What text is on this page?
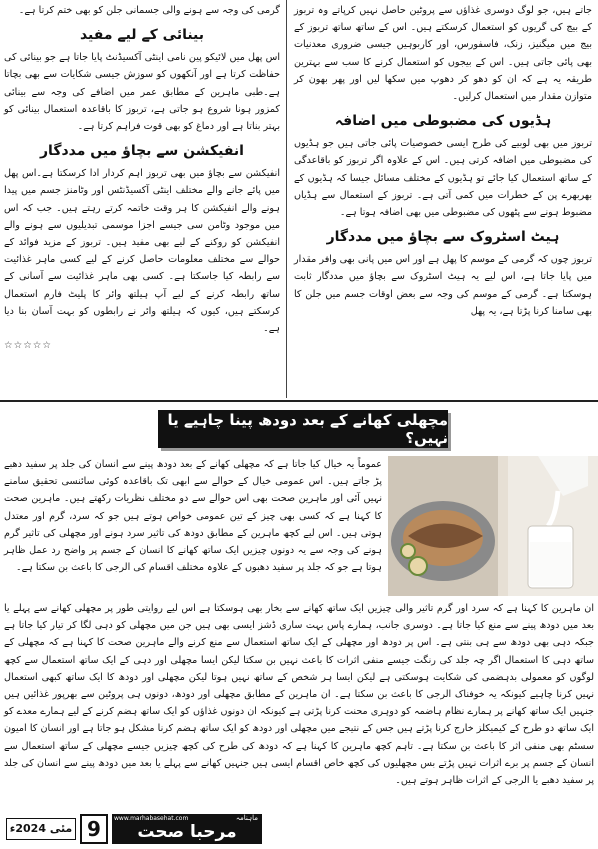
جاتے ہیں، جو لوگ دوسری غذاؤں سے پروٹین حاصل نہیں کرپاتے وہ تربوز کے بیج کی گریوں کو استعمال کرسکتے ہیں۔ اس کے ساتھ ساتھ تربوز کے بیج میں میگنیز، زنک، فاسفورس، اور کاربوہیں جیسی ضروری معدنیات بھی پائی جاتی ہیں۔ اس کے بیجوں کو استعمال کرنے کا سب سے بہترین طریقہ یہ ہے کہ ان کو دھو کر دھوپ میں سکھا لیں اور پھر بھون کر متوازن مقدار میں استعمال کرلیں۔

ہڈیوں کی مضبوطی میں اضافہ

تربوز میں بھی لوبیے کی طرح ایسی خصوصیات پائی جاتی ہیں جو ہڈیوں کی مضبوطی میں اضافہ کرتی ہیں۔ اس کے علاوہ اگر تربوز کو باقاعدگی کے ساتھ استعمال کیا جائے تو ہڈیوں کے مختلف مسائل جیسا کہ ہڈیوں کے بھربھرے پن کے خطرات میں کمی آتی ہے۔ تربوز کے استعمال سے ہڈیاں مضبوط ہونے سے پٹھوں کی مضبوطی میں بھی اضافہ ہوتا ہے۔

ہیٹ اسٹروک سے بچاؤ میں مددگار

تربوز چوں کہ گرمی کے موسم کا پھل ہے اور اس میں پانی بھی وافر مقدار میں پایا جاتا ہے، اس لیے یہ ہیٹ اسٹروک سے بچاؤ میں مددگار ثابت ہوسکتا ہے۔ گرمی کے موسم کی وجہ سے بعض اوقات جسم میں جلن کا بھی سامنا کرنا پڑتا ہے، یہ پھل

گرمی کی وجہ سے ہونے والی جسمانی جلن کو بھی ختم کرتا ہے۔

بینائی کے لیے مفید

اس پھل میں لائیکو پین نامی اینٹی آکسیڈنٹ پایا جاتا ہے جو بینائی کی حفاظت کرتا ہے اور آنکھوں کو سوزش جیسی شکایات سے بھی بچاتا ہے۔طبی ماہرین کے مطابق عمر میں اضافے کی وجہ سے بینائی کمزور ہونا شروع ہو جاتی ہے، تربوز کا باقاعدہ استعمال بینائی کو بہتر بناتا ہے اور دماغ کو بھی قوت فراہم کرتا ہے۔

انفیکشن سے بچاؤ میں مددگار

انفیکشن سے بچاؤ میں بھی تربوز اہم کردار ادا کرسکتا ہے۔اس پھل میں پائے جانے والے مختلف اینٹی آکسیڈنٹس اور وٹامنز جسم میں پیدا ہونے والے انفیکشن کا ہر وقت خاتمہ کرتے رہتے ہیں۔ جب کہ اس میں موجود وٹامن سی جیسے اجزا موسمی تبدیلیوں سے ہونے والے انفیکشن کو روکنے کے لیے بھی مفید ہیں۔ تربوز کے مزید فوائد کے حوالے سے مختلف معلومات حاصل کرنے کے لیے کسی ماہر غذائیت سے رابطہ کیا جاسکتا ہے۔ کسی بھی ماہر غذائیت سے آسانی کے ساتھ رابطہ کرنے کے لیے آپ ہیلتھ وائر کا پلیٹ فارم استعمال کرسکتے ہیں، کیوں کہ ہیلتھ وائر نے رابطوں کو بہت آسان بنا دیا ہے۔

☆☆☆☆☆

مچھلی کھانے کے بعد دودھ پینا چاہیے یا نہیں؟

عموماً یہ خیال کیا جاتا ہے کہ مچھلی کھانے کے بعد دودھ پینے سے انسان کی جلد پر سفید دھبے پڑ جاتے ہیں۔ اس عمومی خیال کے حوالے سے ابھی تک باقاعدہ کوئی سائنسی تحقیق سامنے نہیں آئی اور ماہرین صحت بھی اس حوالے سے دو مختلف نظریات رکھتے ہیں۔ ماہرین صحت کا کہنا ہے کہ کسی بھی چیز کے تین عمومی خواص ہوتے ہیں جو کہ سرد، گرم اور معتدل ہوتی ہیں۔ اس لیے کچھ ماہرین کے مطابق دودھ کی تاثیر سرد ہونے اور مچھلی کی تاثیر گرم ہونے کی وجہ سے یہ دونوں چیزیں ایک ساتھ کھانے کا انسان کے جسم پر واضح رد عمل ظاہر ہوتا ہے جو کہ جلد پر سفید دھبوں کے علاوہ مختلف اقسام کی الرجی کا باعث بن سکتا ہے۔

ان ماہرین کا کہنا ہے کہ سرد اور گرم تاثیر والی چیزیں ایک ساتھ کھانے سے بخار بھی ہوسکتا ہے اس لیے روایتی طور پر مچھلی کھانے سے پہلے یا بعد میں دودھ پینے سے منع کیا جاتا ہے۔ دوسری جانب، ہمارے پاس بہت ساری ڈشز ایسی بھی ہیں جن میں مچھلی کو دہی لگا کر تیار کیا جاتا ہے جبکہ دہی بھی دودھ سے ہی بنتی ہے۔ اس پر دودھ اور مچھلی کے ایک ساتھ استعمال سے منع کرنے والے ماہرین صحت کا کہنا ہے کہ مچھلی کے ساتھ دہی کا استعمال اگر چہ جلد کی رنگت جیسے منفی اثرات کا باعث نہیں بن سکتا لیکن ایسا مچھلی اور دہی کے ایک ساتھ استعمال سے کچھ لوگوں کو معمولی بدہضمی کی شکایت ہوسکتی ہے لیکن ایسا ہر شخص کے ساتھ نہیں ہوتا لیکن مچھلی اور دودھ کا ایک ساتھ کبھی استعمال نہیں کرنا چاہیے کیونکہ یہ خوفناک الرجی کا باعث بن سکتا ہے۔ ان ماہرین کے مطابق مچھلی اور دودھ، دونوں ہی پروٹین سے بھرپور غذائیں ہیں جنہیں ایک ساتھ کھانے پر ہمارے نظام ہاضمہ کو دوہری محنت کرنا پڑتی ہے کیونکہ ان دونوں غذاؤں کو ایک ساتھ ہضم کرنے کے لیے ہمارے معدے کو ایک ساتھ دو طرح کے کیمیکلز خارج کرنا پڑتے ہیں جس کے نتیجے میں مچھلی اور دودھ کو ایک ساتھ ہضم کرنا مشکل ہو جاتا ہے اور انسان کا امیون سسٹم بھی منفی اثر کا باعث بن سکتا ہے۔ تاہم کچھ ماہرین کا کہنا ہے کہ دودھ کی طرح کی کچھ چیزیں جیسے مچھلی کے ساتھ استعمال سے انسان کے جسم پر برے اثرات نہیں پڑتے بس مچھلیوں کی کچھ خاص اقسام ایسی ہیں جنہیں کھانے سے پہلے یا بعد میں دودھ پینے سے انسان کی جلد پر سفید دھبے یا الرجی کے اثرات ظاہر ہوتے ہیں۔

مئی 2024ء 9	www.marhabasehat.com	ماہنامہ
مرحبا صحت
